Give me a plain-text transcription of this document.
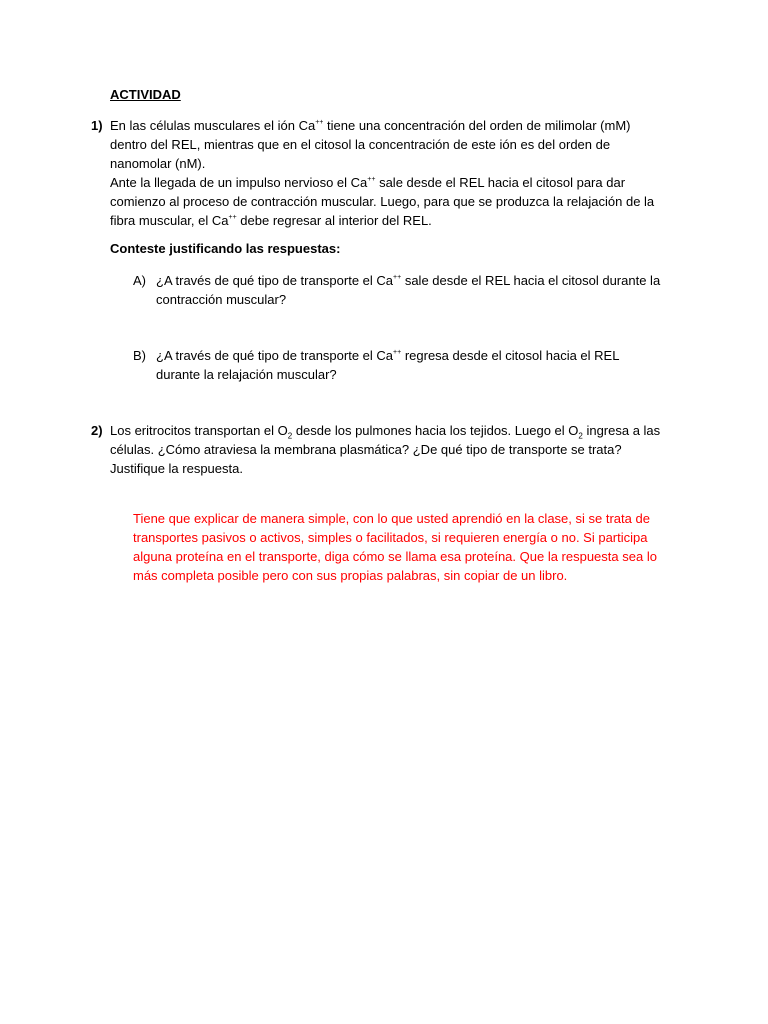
ACTIVIDAD
1) En las células musculares el ión Ca++ tiene una concentración del orden de milimolar (mM) dentro del REL, mientras que en el citosol la concentración de este ión es del orden de nanomolar (nM).

Ante la llegada de un impulso nervioso el Ca++ sale desde el REL hacia el citosol para dar comienzo al proceso de contracción muscular. Luego, para que se produzca la relajación de la fibra muscular, el Ca++ debe regresar al interior del REL.

Conteste justificando las respuestas:
A) ¿A través de qué tipo de transporte el Ca++ sale desde el REL hacia el citosol durante la contracción muscular?
B) ¿A través de qué tipo de transporte el Ca++ regresa desde el citosol hacia el REL durante la relajación muscular?
2) Los eritrocitos transportan el $O_2$ desde los pulmones hacia los tejidos. Luego el $O_2$ ingresa a las células. ¿Cómo atraviesa la membrana plasmática? ¿De qué tipo de transporte se trata? Justifique la respuesta.
Tiene que explicar de manera simple, con lo que usted aprendió en la clase, si se trata de transportes pasivos o activos, simples o facilitados, si requieren energía o no. Si participa alguna proteína en el transporte, diga cómo se llama esa proteína. Que la respuesta sea lo más completa posible pero con sus propias palabras, sin copiar de un libro.
